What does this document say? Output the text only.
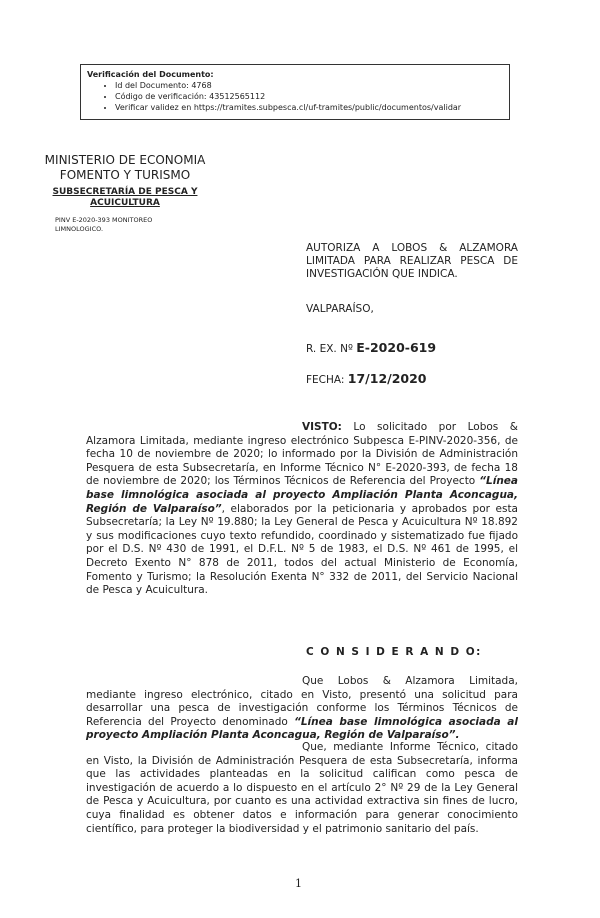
Verificación del Documento:
• Id del Documento: 4768
• Código de verificación: 43512565112
• Verificar validez en https://tramites.subpesca.cl/uf-tramites/public/documentos/validar
MINISTERIO DE ECONOMIA
FOMENTO Y TURISMO
SUBSECRETARÍA DE PESCA Y ACUICULTURA
PINV E-2020-393 MONITOREO LIMNOLOGICO.
AUTORIZA A LOBOS & ALZAMORA LIMITADA PARA REALIZAR PESCA DE INVESTIGACIÓN QUE INDICA.
VALPARAÍSO,
R. EX. Nº E-2020-619
FECHA: 17/12/2020
VISTO: Lo solicitado por Lobos & Alzamora Limitada, mediante ingreso electrónico Subpesca E-PINV-2020-356, de fecha 10 de noviembre de 2020; lo informado por la División de Administración Pesquera de esta Subsecretaría, en Informe Técnico N° E-2020-393, de fecha 18 de noviembre de 2020; los Términos Técnicos de Referencia del Proyecto “Línea base limnológica asociada al proyecto Ampliación Planta Aconcagua, Región de Valparaíso”, elaborados por la peticionaria y aprobados por esta Subsecretaría; la Ley Nº 19.880; la Ley General de Pesca y Acuicultura Nº 18.892 y sus modificaciones cuyo texto refundido, coordinado y sistematizado fue fijado por el D.S. Nº 430 de 1991, el D.F.L. Nº 5 de 1983, el D.S. Nº 461 de 1995, el Decreto Exento N° 878 de 2011, todos del actual Ministerio de Economía, Fomento y Turismo; la Resolución Exenta N° 332 de 2011, del Servicio Nacional de Pesca y Acuicultura.
C O N S I D E R A N D O:
Que Lobos & Alzamora Limitada, mediante ingreso electrónico, citado en Visto, presentó una solicitud para desarrollar una pesca de investigación conforme los Términos Técnicos de Referencia del Proyecto denominado “Línea base limnológica asociada al proyecto Ampliación Planta Aconcagua, Región de Valparaíso”.
Que, mediante Informe Técnico, citado en Visto, la División de Administración Pesquera de esta Subsecretaría, informa que las actividades planteadas en la solicitud califican como pesca de investigación de acuerdo a lo dispuesto en el artículo 2° Nº 29 de la Ley General de Pesca y Acuicultura, por cuanto es una actividad extractiva sin fines de lucro, cuya finalidad es obtener datos e información para generar conocimiento científico, para proteger la biodiversidad y el patrimonio sanitario del país.
1
